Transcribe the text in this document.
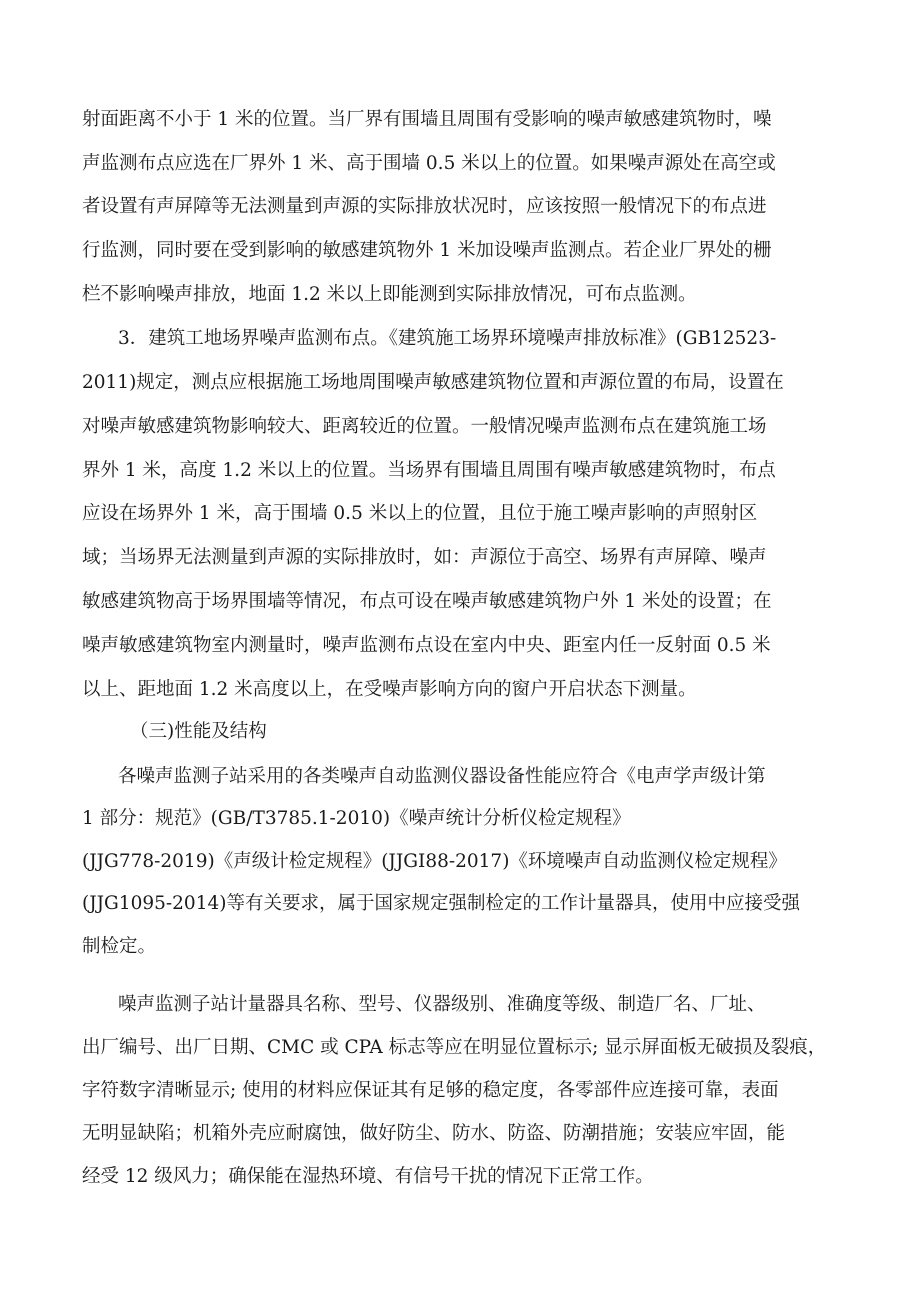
射面距离不小于 1 米的位置。当厂界有围墙且周围有受影响的噪声敏感建筑物时，噪
声监测布点应选在厂界外 1 米、高于围墙 0.5 米以上的位置。如果噪声源处在高空或
者设置有声屏障等无法测量到声源的实际排放状况时，应该按照一般情况下的布点进
行监测，同时要在受到影响的敏感建筑物外 1 米加设噪声监测点。若企业厂界处的栅
栏不影响噪声排放，地面 1.2 米以上即能测到实际排放情况，可布点监测。
3．建筑工地场界噪声监测布点。《建筑施工场界环境噪声排放标准》(GB12523-
2011)规定，测点应根据施工场地周围噪声敏感建筑物位置和声源位置的布局，设置在
对噪声敏感建筑物影响较大、距离较近的位置。一般情况噪声监测布点在建筑施工场
界外 1 米，高度 1.2 米以上的位置。当场界有围墙且周围有噪声敏感建筑物时，布点
应设在场界外 1 米，高于围墙 0.5 米以上的位置，且位于施工噪声影响的声照射区
域；当场界无法测量到声源的实际排放时，如：声源位于高空、场界有声屏障、噪声
敏感建筑物高于场界围墙等情况，布点可设在噪声敏感建筑物户外 1 米处的设置；在
噪声敏感建筑物室内测量时，噪声监测布点设在室内中央、距室内任一反射面 0.5 米
以上、距地面 1.2 米高度以上，在受噪声影响方向的窗户开启状态下测量。
（三)性能及结构
各噪声监测子站采用的各类噪声自动监测仪器设备性能应符合《电声学声级计第
1 部分：规范》(GB/T3785.1-2010)《噪声统计分析仪检定规程》
(JJG778-2019)《声级计检定规程》(JJGI88-2017)《环境噪声自动监测仪检定规程》
(JJG1095-2014)等有关要求，属于国家规定强制检定的工作计量器具，使用中应接受强
制检定。
噪声监测子站计量器具名称、型号、仪器级别、准确度等级、制造厂名、厂址、
出厂编号、出厂日期、CMC 或 CPA 标志等应在明显位置标示; 显示屏面板无破损及裂痕，
字符数字清晰显示; 使用的材料应保证其有足够的稳定度，各零部件应连接可靠，表面
无明显缺陷；机箱外壳应耐腐蚀，做好防尘、防水、防盗、防潮措施；安装应牢固，能
经受 12 级风力；确保能在湿热环境、有信号干扰的情况下正常工作。
